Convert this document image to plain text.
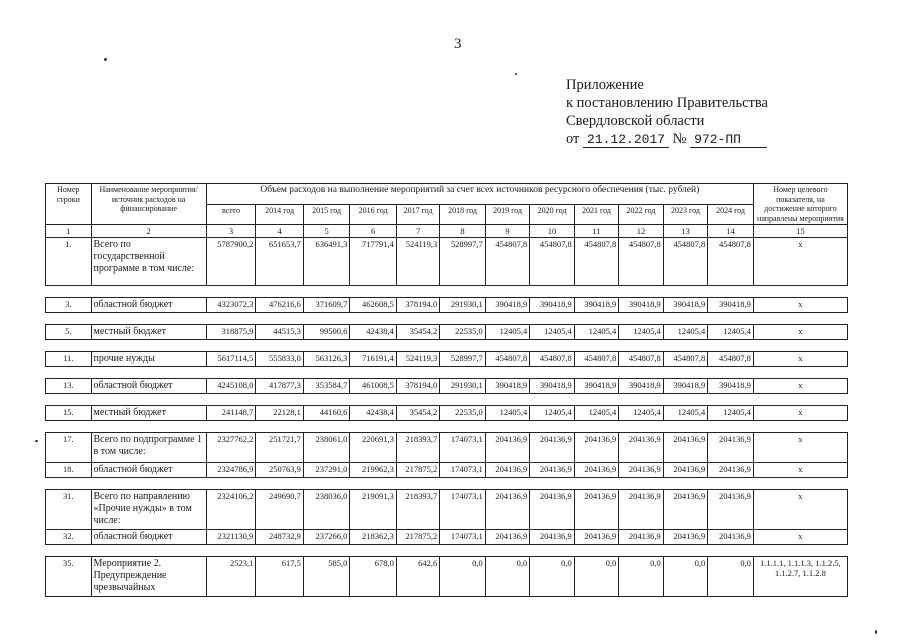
3
Приложение
к постановлению Правительства
Свердловской области
от 21.12.2017 № 972-ПП
Номер строки	Наименование мероприятия/источник расходов на финансирование	Объем расходов на выполнение мероприятий за счет всех источников ресурсного обеспечения (тыс. рублей)												Номер целевого показателя, на достижение которого направлены мероприятия
		всего	2014 год	2015 год	2016 год	2017 год	2018 год	2019 год	2020 год	2021 год	2022 год	2023 год	2024 год	
1	2	3	4	5	6	7	8	9	10	11	12	13	14	15
1.	Всего по государственной программе в том числе:	5787900,2	651653,7	636491,3	717791,4	524119,3	528997,7	454807,8	454807,8	454807,8	454807,8	454807,8	454807,8	х

3.	областной бюджет	4323072,3	476216,6	371609,7	462608,5	378194,0	291930,1	390418,9	390418,9	390418,9	390418,9	390418,9	390418,9	х

5.	местный бюджет	318875,9	44515,3	99500,6	42438,4	35454,2	22535,0	12405,4	12405,4	12405,4	12405,4	12405,4	12405,4	х

11.	прочие нужды	5617114,5	555833,0	563126,3	716191,4	524119,3	528997,7	454807,8	454807,8	454807,8	454807,8	454807,8	454807,8	х

13.	областной бюджет	4245108,0	417877,3	353584,7	461008,5	378194,0	291930,1	390418,9	390418,9	390418,9	390418,9	390418,9	390418,9	х

15.	местный бюджет	241148,7	22128,1	44160,6	42438,4	35454,2	22535,0	12405,4	12405,4	12405,4	12405,4	12405,4	12405,4	х

17.	Всего по подпрограмме 1 в том числе:	2327762,2	251721,7	238061,0	220691,3	218393,7	174073,1	204136,9	204136,9	204136,9	204136,9	204136,9	204136,9	х
18.	областной бюджет	2324786,9	250763,9	237291,0	219962,3	217875,2	174073,1	204136,9	204136,9	204136,9	204136,9	204136,9	204136,9	х

31.	Всего по направлению «Прочие нужды» в том числе:	2324106,2	249690,7	238036,0	219091,3	218393,7	174073,1	204136,9	204136,9	204136,9	204136,9	204136,9	204136,9	х
32.	областной бюджет	2321130,9	248732,9	237266,0	218362,3	217875,2	174073,1	204136,9	204136,9	204136,9	204136,9	204136,9	204136,9	х

35.	Мероприятие 2. Предупреждение чрезвычайных	2523,1	617,5	585,0	678,0	642,6	0,0	0,0	0,0	0,0	0,0	0,0	0,0	1.1.1.1, 1.1.1.3, 1.1.2.5, 1.1.2.7, 1.1.2.8
